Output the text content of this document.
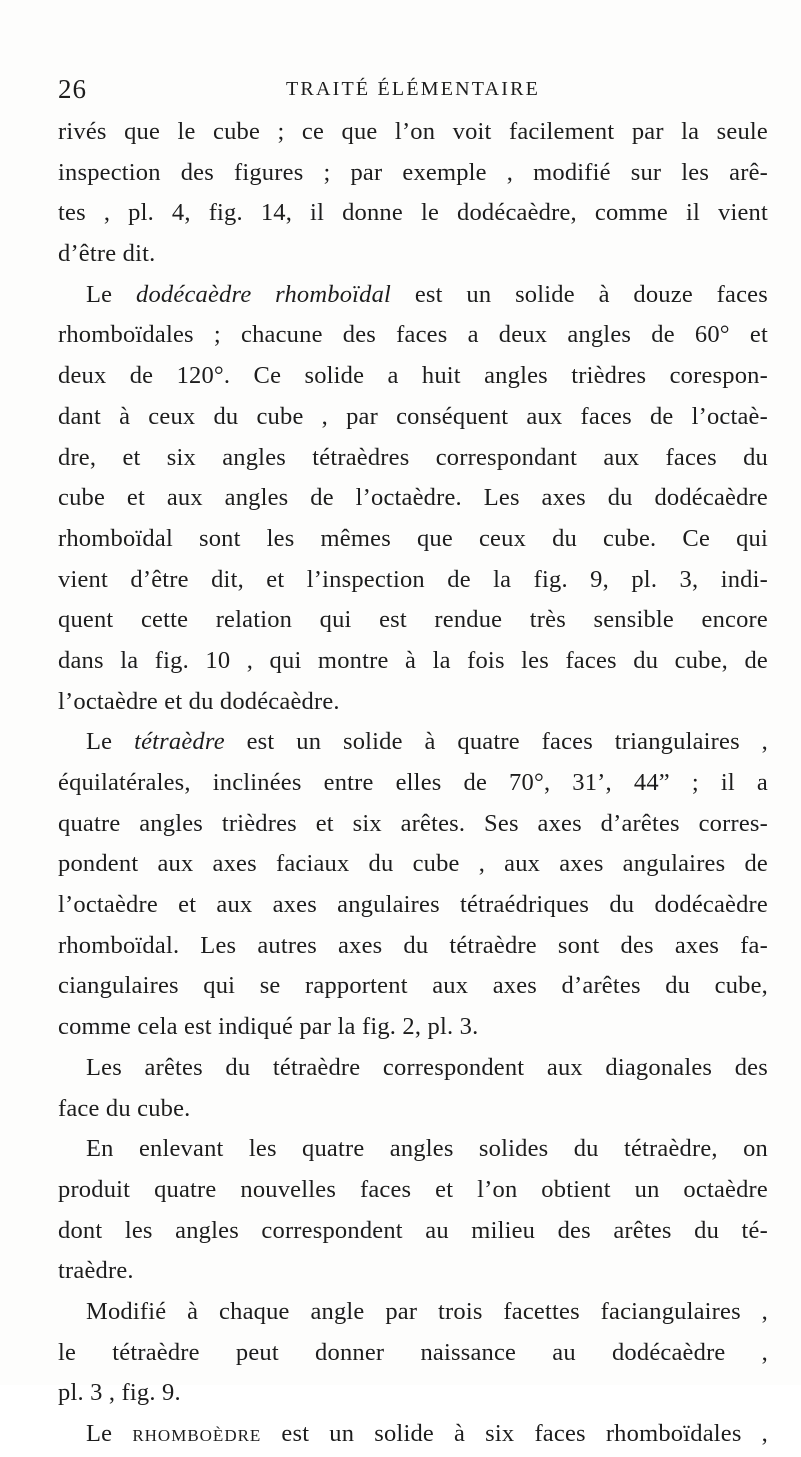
26	TRAITÉ ÉLÉMENTAIRE
rivés que le cube ; ce que l’on voit facilement par la seule
inspection des figures ; par exemple , modifié sur les arê-
tes , pl. 4, fig. 14, il donne le dodécaèdre, comme il vient
d’être dit.
Le dodécaèdre rhomboïdal est un solide à douze faces
rhomboïdales ; chacune des faces a deux angles de 60° et
deux de 120°. Ce solide a huit angles trièdres corespon-
dant à ceux du cube , par conséquent aux faces de l’octaè-
dre, et six angles tétraèdres correspondant aux faces du
cube et aux angles de l’octaèdre. Les axes du dodécaèdre
rhomboïdal sont les mêmes que ceux du cube. Ce qui
vient d’être dit, et l’inspection de la fig. 9, pl. 3, indi-
quent cette relation qui est rendue très sensible encore
dans la fig. 10 , qui montre à la fois les faces du cube, de
l’octaèdre et du dodécaèdre.
Le tétraèdre est un solide à quatre faces triangulaires ,
équilatérales, inclinées entre elles de 70°, 31’, 44” ; il a
quatre angles trièdres et six arêtes. Ses axes d’arêtes corres-
pondent aux axes faciaux du cube , aux axes angulaires de
l’octaèdre et aux axes angulaires tétraédriques du dodécaèdre
rhomboïdal. Les autres axes du tétraèdre sont des axes fa-
ciangulaires qui se rapportent aux axes d’arêtes du cube,
comme cela est indiqué par la fig. 2, pl. 3.
Les arêtes du tétraèdre correspondent aux diagonales des
face du cube.
En enlevant les quatre angles solides du tétraèdre, on
produit quatre nouvelles faces et l’on obtient un octaèdre
dont les angles correspondent au milieu des arêtes du té-
traèdre.
Modifié à chaque angle par trois facettes faciangulaires ,
le tétraèdre peut donner naissance au dodécaèdre ,
pl. 3 , fig. 9.
Le RHOMBOÈDRE est un solide à six faces rhomboïdales ,
